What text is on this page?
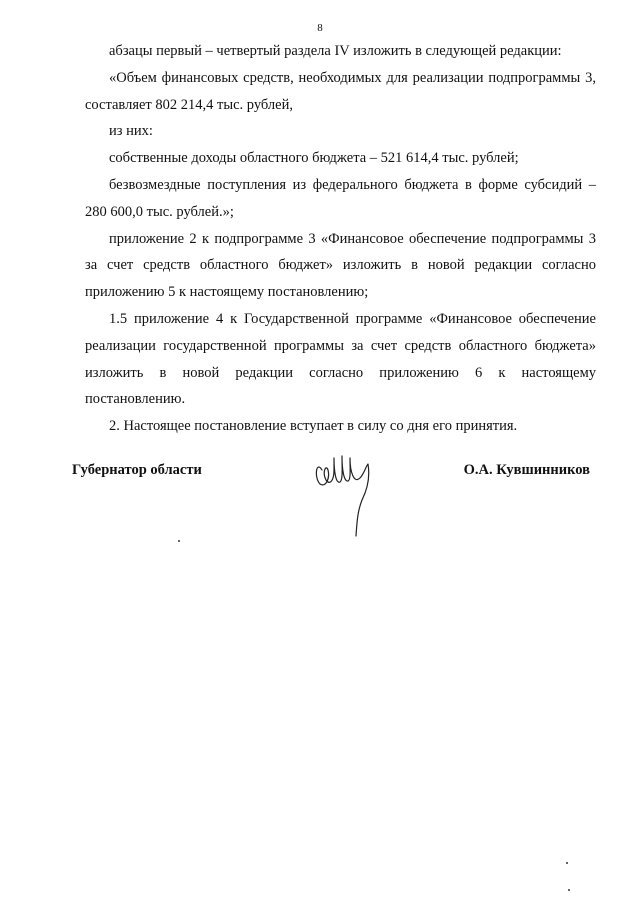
8

абзацы первый – четвертый раздела IV изложить в следующей редакции:

«Объем финансовых средств, необходимых для реализации подпрограммы 3, составляет 802 214,4 тыс. рублей,

из них:

собственные доходы областного бюджета – 521 614,4 тыс. рублей;

безвозмездные поступления из федерального бюджета в форме субсидий – 280 600,0 тыс. рублей.»;

приложение 2 к подпрограмме 3 «Финансовое обеспечение подпрограммы 3 за счет средств областного бюджет» изложить в новой редакции согласно приложению 5 к настоящему постановлению;

1.5 приложение 4 к Государственной программе «Финансовое обеспечение реализации государственной программы за счет средств областного бюджета» изложить в новой редакции согласно приложению 6 к настоящему постановлению.

2. Настоящее постановление вступает в силу со дня его принятия.

Губернатор области	О.А. Кувшинников
